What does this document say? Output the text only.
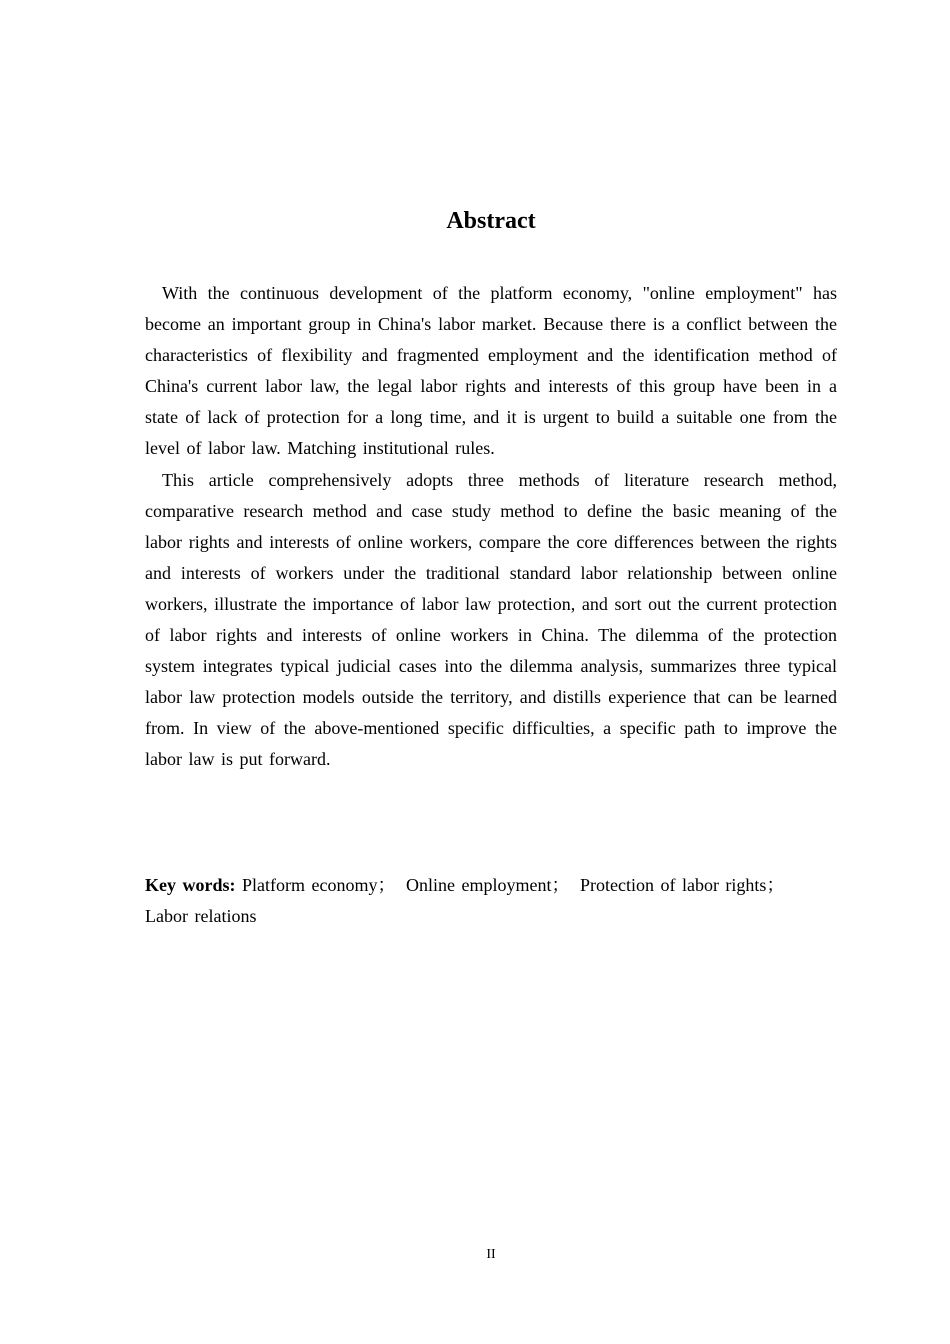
Abstract

With the continuous development of the platform economy, "online employment" has become an important group in China's labor market. Because there is a conflict between the characteristics of flexibility and fragmented employment and the identification method of China's current labor law, the legal labor rights and interests of this group have been in a state of lack of protection for a long time, and it is urgent to build a suitable one from the level of labor law. Matching institutional rules.

This article comprehensively adopts three methods of literature research method, comparative research method and case study method to define the basic meaning of the labor rights and interests of online workers, compare the core differences between the rights and interests of workers under the traditional standard labor relationship between online workers, illustrate the importance of labor law protection, and sort out the current protection of labor rights and interests of online workers in China. The dilemma of the protection system integrates typical judicial cases into the dilemma analysis, summarizes three typical labor law protection models outside the territory, and distills experience that can be learned from. In view of the above-mentioned specific difficulties, a specific path to improve the labor law is put forward.

Key words: Platform economy； Online employment； Protection of labor rights； Labor relations

II
